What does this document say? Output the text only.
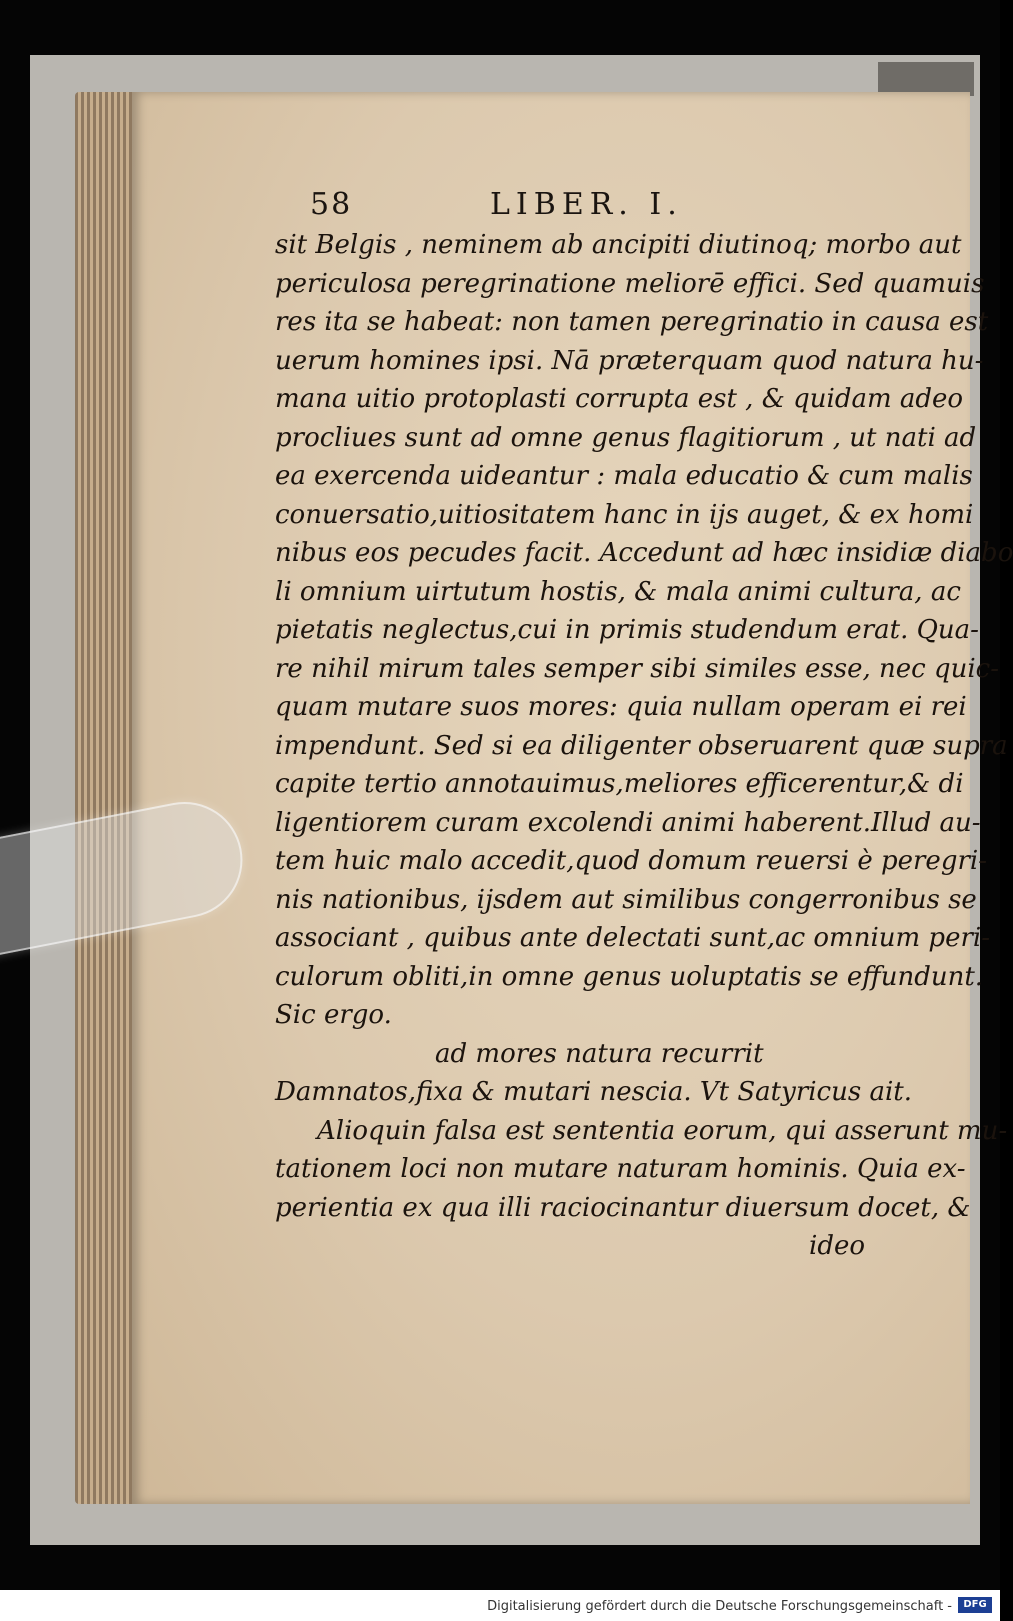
58	LIBER. I.
sit Belgis , neminem ab ancipiti diutinoq; morbo aut
periculosa peregrinatione meliorē effici. Sed quamuis
res ita se habeat: non tamen peregrinatio in causa est
uerum homines ipsi. Nā præterquam quod natura hu-
mana uitio protoplasti corrupta est , & quidam adeo
procliues sunt ad omne genus flagitiorum , ut nati ad
ea exercenda uideantur : mala educatio & cum malis
conuersatio,uitiositatem hanc in ijs auget, & ex homi
nibus eos pecudes facit. Accedunt ad hæc insidiæ diabo
li omnium uirtutum hostis, & mala animi cultura, ac
pietatis neglectus,cui in primis studendum erat. Qua-
re nihil mirum tales semper sibi similes esse, nec quic-
quam mutare suos mores: quia nullam operam ei rei
impendunt. Sed si ea diligenter obseruarent quæ supra
capite tertio annotauimus,meliores efficerentur,& di
ligentiorem curam excolendi animi haberent.Illud au-
tem huic malo accedit,quod domum reuersi è peregri-
nis nationibus, ijsdem aut similibus congerronibus se
associant , quibus ante delectati sunt,ac omnium peri-
culorum obliti,in omne genus uoluptatis se effundunt.
Sic ergo.
ad mores natura recurrit
Damnatos,fixa & mutari nescia. Vt Satyricus ait.
Alioquin falsa est sententia eorum, qui asserunt mu-
tationem loci non mutare naturam hominis. Quia ex-
perientia ex qua illi raciocinantur diuersum docet, &
ideo
Digitalisierung gefördert durch die Deutsche Forschungsgemeinschaft -	DFG
